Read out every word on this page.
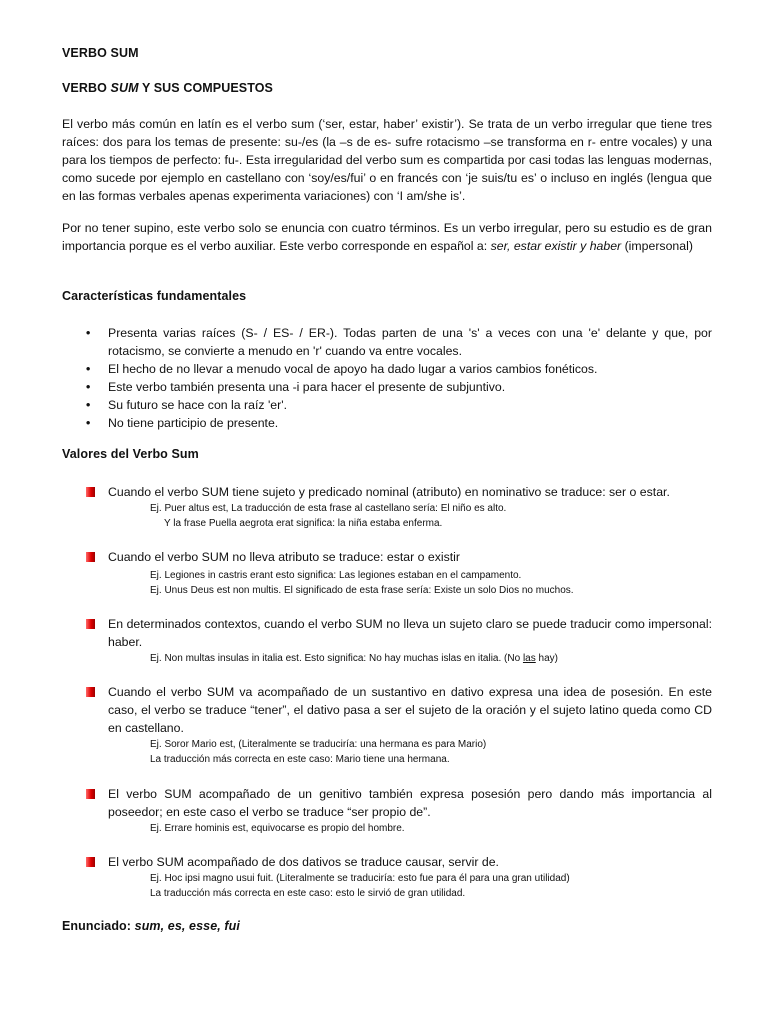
VERBO SUM
VERBO SUM Y SUS COMPUESTOS
El verbo más común en latín es el verbo sum (‘ser, estar, haber’ existir’). Se trata de un verbo irregular que tiene tres raíces: dos para los temas de presente: su-/es (la –s de es- sufre rotacismo –se transforma en r- entre vocales) y una para los tiempos de perfecto: fu-. Esta irregularidad del verbo sum es compartida por casi todas las lenguas modernas, como sucede por ejemplo en castellano con ‘soy/es/fui’ o en francés con ‘je suis/tu es’ o incluso en inglés (lengua que en las formas verbales apenas experimenta variaciones) con ‘I am/she is’.
Por no tener supino, este verbo solo se enuncia con cuatro términos. Es un verbo irregular, pero su estudio es de gran importancia porque es el verbo auxiliar. Este verbo corresponde en español a: ser, estar existir y haber (impersonal)
Características fundamentales
• Presenta varias raíces (S- / ES- / ER-). Todas parten de una 's' a veces con una 'e' delante y que, por rotacismo, se convierte a menudo en 'r' cuando va entre vocales.
• El hecho de no llevar a menudo vocal de apoyo ha dado lugar a varios cambios fonéticos.
• Este verbo también presenta una -i para hacer el presente de subjuntivo.
• Su futuro se hace con la raíz 'er'.
• No tiene participio de presente.
Valores del Verbo Sum
Cuando el verbo SUM tiene sujeto y predicado nominal (atributo) en nominativo se traduce: ser o estar.
Ej. Puer altus est, La traducción de esta frase al castellano sería: El niño es alto.
Y la frase Puella aegrota erat significa: la niña estaba enferma.
Cuando el verbo SUM no lleva atributo se traduce: estar o existir
Ej. Legiones in castris erant esto significa: Las legiones estaban en el campamento.
Ej. Unus Deus est non multis. El significado de esta frase sería: Existe un solo Dios no muchos.
En determinados contextos, cuando el verbo SUM no lleva un sujeto claro se puede traducir como impersonal: haber.
Ej. Non multas insulas in italia est. Esto significa: No hay muchas islas en italia. (No las hay)
Cuando el verbo SUM va acompañado de un sustantivo en dativo expresa una idea de posesión. En este caso, el verbo se traduce “tener”, el dativo pasa a ser el sujeto de la oración y el sujeto latino queda como CD en castellano.
Ej. Soror Mario est, (Literalmente se traduciría: una hermana es para Mario)
La traducción más correcta en este caso: Mario tiene una hermana.
El verbo SUM acompañado de un genitivo también expresa posesión pero dando más importancia al poseedor; en este caso el verbo se traduce “ser propio de”.
Ej. Errare hominis est, equivocarse es propio del hombre.
El verbo SUM acompañado de dos dativos se traduce causar, servir de.
Ej. Hoc ipsi magno usui fuit. (Literalmente se traduciría: esto fue para él para una gran utilidad)
La traducción más correcta en este caso: esto le sirvió de gran utilidad.
Enunciado: sum, es, esse, fui
